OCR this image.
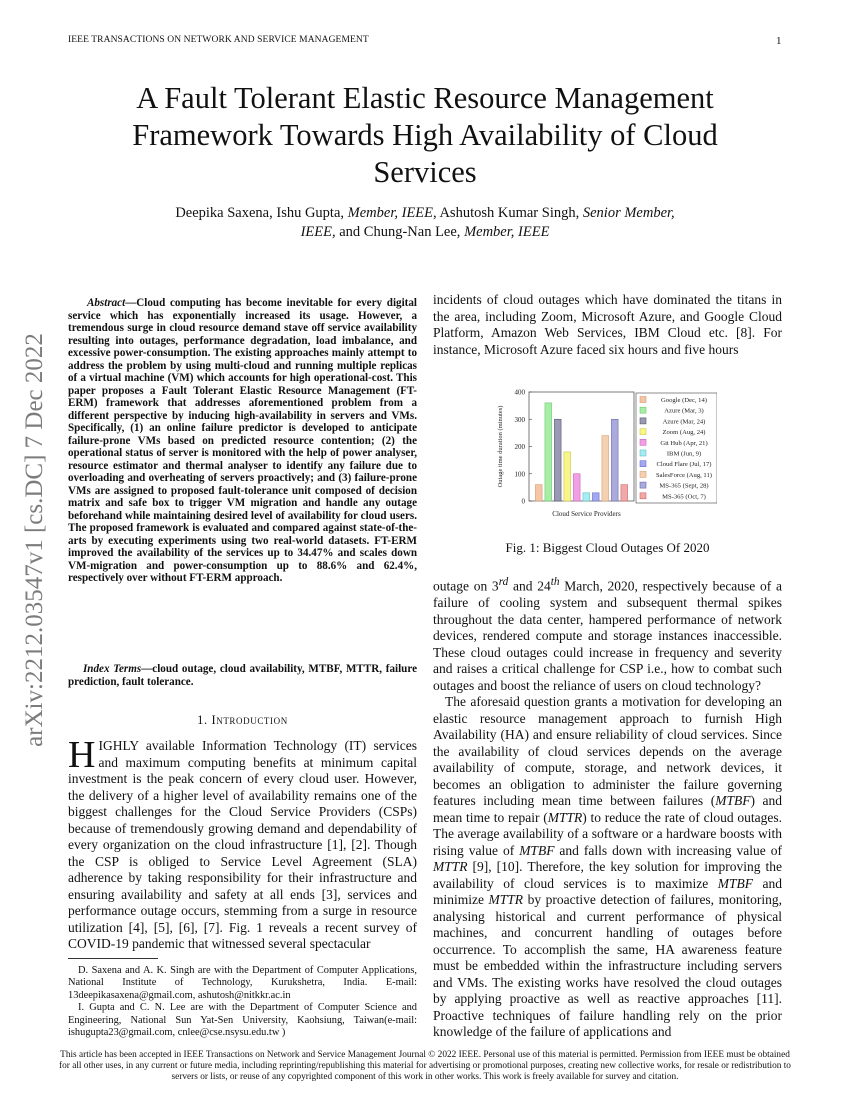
IEEE TRANSACTIONS ON NETWORK AND SERVICE MANAGEMENT	1
A Fault Tolerant Elastic Resource Management Framework Towards High Availability of Cloud Services
Deepika Saxena, Ishu Gupta, Member, IEEE, Ashutosh Kumar Singh, Senior Member,
IEEE, and Chung-Nan Lee, Member, IEEE
arXiv:2212.03547v1 [cs.DC] 7 Dec 2022
Abstract—Cloud computing has become inevitable for every digital service which has exponentially increased its usage. However, a tremendous surge in cloud resource demand stave off service availability resulting into outages, performance degradation, load imbalance, and excessive power-consumption. The existing approaches mainly attempt to address the problem by using multi-cloud and running multiple replicas of a virtual machine (VM) which accounts for high operational-cost. This paper proposes a Fault Tolerant Elastic Resource Management (FT-ERM) framework that addresses aforementioned problem from a different perspective by inducing high-availability in servers and VMs. Specifically, (1) an online failure predictor is developed to anticipate failure-prone VMs based on predicted resource contention; (2) the operational status of server is monitored with the help of power analyser, resource estimator and thermal analyser to identify any failure due to overloading and overheating of servers proactively; and (3) failure-prone VMs are assigned to proposed fault-tolerance unit composed of decision matrix and safe box to trigger VM migration and handle any outage beforehand while maintaining desired level of availability for cloud users. The proposed framework is evaluated and compared against state-of-the-arts by executing experiments using two real-world datasets. FT-ERM improved the availability of the services up to 34.47% and scales down VM-migration and power-consumption up to 88.6% and 62.4%, respectively over without FT-ERM approach.
Index Terms—cloud outage, cloud availability, MTBF, MTTR, failure prediction, fault tolerance.
1. Introduction
HIGHLY available Information Technology (IT) services and maximum computing benefits at minimum capital investment is the peak concern of every cloud user. However, the delivery of a higher level of availability remains one of the biggest challenges for the Cloud Service Providers (CSPs) because of tremendously growing demand and dependability of every organization on the cloud infrastructure [1], [2]. Though the CSP is obliged to Service Level Agreement (SLA) adherence by taking responsibility for their infrastructure and ensuring availability and safety at all ends [3], services and performance outage occurs, stemming from a surge in resource utilization [4], [5], [6], [7]. Fig. 1 reveals a recent survey of COVID-19 pandemic that witnessed several spectacular

D. Saxena and A. K. Singh are with the Department of Computer Applications, National Institute of Technology, Kurukshetra, India. E-mail: 13deepikasaxena@gmail.com, ashutosh@nitkkr.ac.in

I. Gupta and C. N. Lee are with the Department of Computer Science and Engineering, National Sun Yat-Sen University, Kaohsiung, Taiwan(e-mail: ishugupta23@gmail.com, cnlee@cse.nsysu.edu.tw )

incidents of cloud outages which have dominated the titans in the area, including Zoom, Microsoft Azure, and Google Cloud Platform, Amazon Web Services, IBM Cloud etc. [8]. For instance, Microsoft Azure faced six hours and five hours
0
100
200
300
400
Outage time duration (minutes)
Cloud Service Providers
Google (Dec, 14)
Azure (Mar, 3)
Azure (Mar, 24)
Zoom (Aug, 24)
Git Hub (Apr, 21)
IBM (Jun, 9)
Cloud Flare (Jul, 17)
SalesForce (Aug, 11)
MS-365 (Sept, 28)
MS-365 (Oct, 7)
Fig. 1: Biggest Cloud Outages Of 2020

outage on 3rd and 24th March, 2020, respectively because of a failure of cooling system and subsequent thermal spikes throughout the data center, hampered performance of network devices, rendered compute and storage instances inaccessible. These cloud outages could increase in frequency and severity and raises a critical challenge for CSP i.e., how to combat such outages and boost the reliance of users on cloud technology?

The aforesaid question grants a motivation for developing an elastic resource management approach to furnish High Availability (HA) and ensure reliability of cloud services. Since the availability of cloud services depends on the average availability of compute, storage, and network devices, it becomes an obligation to administer the failure governing features including mean time between failures (MTBF) and mean time to repair (MTTR) to reduce the rate of cloud outages. The average availability of a software or a hardware boosts with rising value of MTBF and falls down with increasing value of MTTR [9], [10]. Therefore, the key solution for improving the availability of cloud services is to maximize MTBF and minimize MTTR by proactive detection of failures, monitoring, analysing historical and current performance of physical machines, and concurrent handling of outages before occurrence. To accomplish the same, HA awareness feature must be embedded within the infrastructure including servers and VMs. The existing works have resolved the cloud outages by applying proactive as well as reactive approaches [11]. Proactive techniques of failure handling rely on the prior knowledge of the failure of applications and

This article has been accepted in IEEE Transactions on Network and Service Management Journal © 2022 IEEE. Personal use of this material is permitted. Permission from IEEE must be obtained for all other uses, in any current or future media, including reprinting/republishing this material for advertising or promotional purposes, creating new collective works, for resale or redistribution to servers or lists, or reuse of any copyrighted component of this work in other works. This work is freely available for survey and citation.
